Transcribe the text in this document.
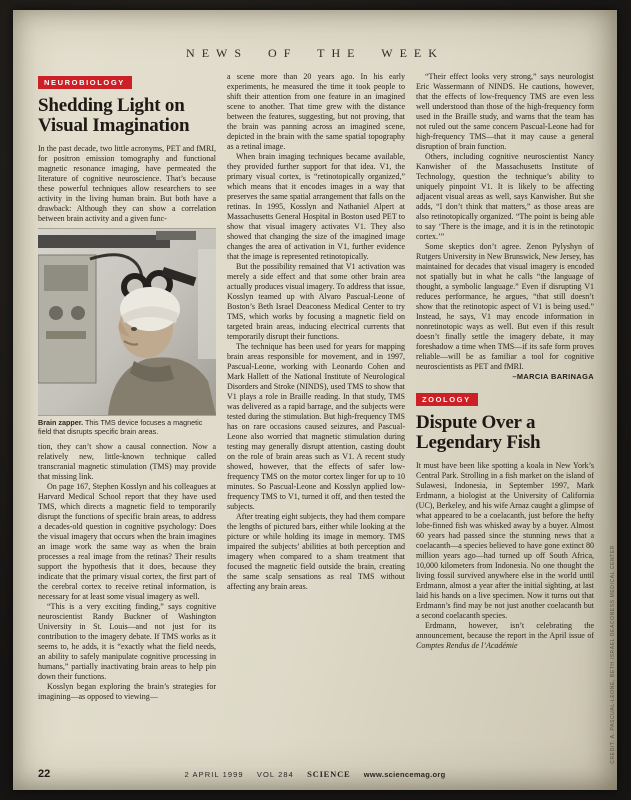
NEWS OF THE WEEK
NEUROBIOLOGY
Shedding Light on
Visual Imagination

In the past decade, two little acronyms, PET and fMRI, for positron emission tomography and functional magnetic resonance imaging, have permeated the literature of cognitive neuroscience. That’s because these powerful techniques allow researchers to see activity in the living human brain. But both have a drawback: Although they can show a correlation between brain activity and a given func-

Brain zapper. This TMS device focuses a magnetic field that disrupts specific brain areas.

tion, they can’t show a causal connection. Now a relatively new, little-known technique called transcranial magnetic stimulation (TMS) may provide that missing link.

On page 167, Stephen Kosslyn and his colleagues at Harvard Medical School report that they have used TMS, which directs a magnetic field to temporarily disrupt the functions of specific brain areas, to address a decades-old question in cognitive psychology: Does the visual imagery that occurs when the brain imagines an image work the same way as when the brain processes a real image from the retinas? Their results support the hypothesis that it does, because they indicate that the primary visual cortex, the first part of the cerebral cortex to receive retinal information, is necessary for at least some visual imagery as well.

“This is a very exciting finding,” says cognitive neuroscientist Randy Buckner of Washington University in St. Louis—and not just for its contribution to the imagery debate. If TMS works as it seems to, he adds, it is “exactly what the field needs, an ability to safely manipulate cognitive processing in humans,” partially inactivating brain areas to help pin down their functions.

Kosslyn began exploring the brain’s strategies for imagining—as opposed to viewing—

a scene more than 20 years ago. In his early experiments, he measured the time it took people to shift their attention from one feature in an imagined scene to another. That time grew with the distance between the features, suggesting, but not proving, that the brain was panning across an imagined scene, depicted in the brain with the same spatial topography as a retinal image.

When brain imaging techniques became available, they provided further support for that idea. V1, the primary visual cortex, is “retinotopically organized,” which means that it encodes images in a way that preserves the same spatial arrangement that falls on the retinas. In 1995, Kosslyn and Nathaniel Alpert at Massachusetts General Hospital in Boston used PET to show that visual imagery activates V1. They also showed that changing the size of the imagined image changes the area of activation in V1, further evidence that the image is represented retinotopically.

But the possibility remained that V1 activation was merely a side effect and that some other brain area actually produces visual imagery. To address that issue, Kosslyn teamed up with Alvaro Pascual-Leone of Boston’s Beth Israel Deaconess Medical Center to try TMS, which works by focusing a magnetic field on targeted brain areas, inducing electrical currents that temporarily disrupt their functions.

The technique has been used for years for mapping brain areas responsible for movement, and in 1997, Pascual-Leone, working with Leonardo Cohen and Mark Hallett of the National Institute of Neurological Disorders and Stroke (NINDS), used TMS to show that V1 plays a role in Braille reading. In that study, TMS was delivered as a rapid barrage, and the subjects were tested during the stimulation. But high-frequency TMS has on rare occasions caused seizures, and Pascual-Leone also worried that magnetic stimulation during testing may generally disrupt attention, casting doubt on the role of brain areas such as V1. A recent study showed, however, that the effects of safer low-frequency TMS on the motor cortex linger for up to 10 minutes. So Pascual-Leone and Kosslyn applied low-frequency TMS to V1, turned it off, and then tested the subjects.

After treating eight subjects, they had them compare the lengths of pictured bars, either while looking at the picture or while holding its image in memory. TMS impaired the subjects’ abilities at both perception and imagery when compared to a sham treatment that focused the magnetic field outside the brain, creating the same scalp sensations as real TMS without affecting any brain areas.

“Their effect looks very strong,” says neurologist Eric Wassermann of NINDS. He cautions, however, that the effects of low-frequency TMS are even less well understood than those of the high-frequency form used in the Braille study, and warns that the team has not ruled out the same concern Pascual-Leone had for high-frequency TMS—that it may cause a general disruption of brain function.

Others, including cognitive neuroscientist Nancy Kanwisher of the Massachusetts Institute of Technology, question the technique’s ability to uniquely pinpoint V1. It is likely to be affecting adjacent visual areas as well, says Kanwisher. But she adds, “I don’t think that matters,” as those areas are also retinotopically organized. “The point is being able to say ‘There is the image, and it is in the retinotopic cortex.’”

Some skeptics don’t agree. Zenon Pylyshyn of Rutgers University in New Brunswick, New Jersey, has maintained for decades that visual imagery is encoded not spatially but in what he calls “the language of thought, a symbolic language.” Even if disrupting V1 reduces performance, he argues, “that still doesn’t show that the retinotopic aspect of V1 is being used.” Instead, he says, V1 may encode information in nonretinotopic ways as well. But even if this result doesn’t finally settle the imagery debate, it may foreshadow a time when TMS—if its safe form proves reliable—will be as familiar a tool for cognitive neuroscientists as PET and fMRI.

–MARCIA BARINAGA
ZOOLOGY
Dispute Over a
Legendary Fish

It must have been like spotting a koala in New York’s Central Park. Strolling in a fish market on the island of Sulawesi, Indonesia, in September 1997, Mark Erdmann, a biologist at the University of California (UC), Berkeley, and his wife Arnaz caught a glimpse of what appeared to be a coelacanth, just before the hefty lobe-finned fish was whisked away by a buyer. Almost 60 years had passed since the stunning news that a coelacanth—a species believed to have gone extinct 80 million years ago—had turned up off South Africa, 10,000 kilometers from Indonesia. No one thought the living fossil survived anywhere else in the world until Erdmann, almost a year after the initial sighting, at last laid his hands on a live specimen. Now it turns out that Erdmann’s find may be not just another coelacanth but a second coelacanth species.

Erdmann, however, isn’t celebrating the announcement, because the report in the April issue of Comptes Rendus de l’Académie	CREDIT: A. PASCUAL-LEONE, BETH ISRAEL DEACONESS MEDICAL CENTER
22	2 APRIL 1999 VOL 284 SCIENCE www.sciencemag.org
